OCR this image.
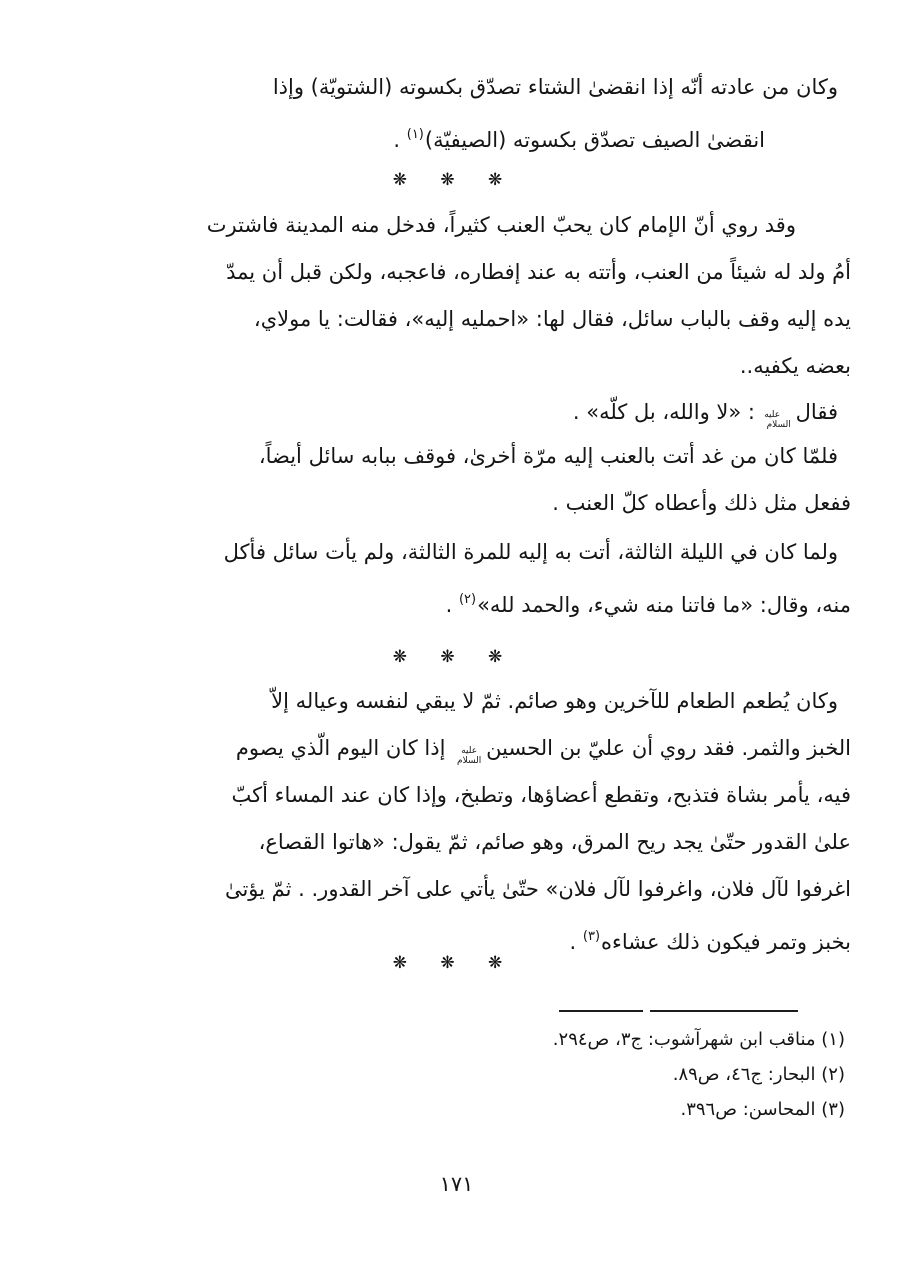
وكان من عادته أنّه إذا انقضىٰ الشتاء تصدّق بكسوته (الشتويّة) وإذا
انقضىٰ الصيف تصدّق بكسوته (الصيفيّة)$^{(١)}$ .
❋ ❋ ❋
وقد روي أنّ الإمام كان يحبّ العنب كثيراً، فدخل منه المدينة فاشترت
أمُ ولد له شيئاً من العنب، وأتته به عند إفطاره، فاعجبه، ولكن قبل أن يمدّ
يده إليه وقف بالباب سائل، فقال لها: «احمليه إليه»، فقالت: يا مولاي،
بعضه يكفيه..
فقالعليه السلام : «لا والله، بل كلّه» .
فلمّا كان من غد أتت بالعنب إليه مرّة أخرىٰ، فوقف ببابه سائل أيضاً،
ففعل مثل ذلك وأعطاه كلّ العنب .
ولما كان في الليلة الثالثة، أتت به إليه للمرة الثالثة، ولم يأت سائل فأكل
منه، وقال: «ما فاتنا منه شيء، والحمد لله»$^{(٢)}$ .
❋ ❋ ❋
وكان يُطعم الطعام للآخرين وهو صائم. ثمّ لا يبقي لنفسه وعياله إلاّ
الخبز والثمر. فقد روي أن عليّ بن الحسينعليه السلام إذا كان اليوم الّذي يصوم
فيه، يأمر بشاة فتذبح، وتقطع أعضاؤها، وتطبخ، وإذا كان عند المساء أكبّ
علىٰ القدور حتّىٰ يجد ريح المرق، وهو صائم، ثمّ يقول: «هاتوا القصاع،
اغرفوا لآل فلان، واغرفوا لآل فلان» حتّىٰ يأتي على آخر القدور. . ثمّ يؤتىٰ
بخبز وتمر فيكون ذلك عشاءه$^{(٣)}$ .
❋ ❋ ❋
(١) مناقب ابن شهرآشوب: ج٣، ص٢٩٤.
(٢) البحار: ج٤٦، ص٨٩.
(٣) المحاسن: ص٣٩٦.
١٧١
